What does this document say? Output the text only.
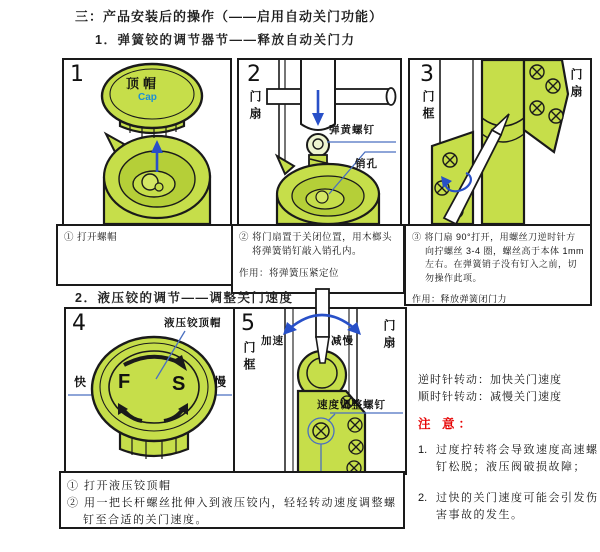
三：产品安装后的操作（——启用自动关门功能）
1．弹簧铰的调节器节——释放自动关门力
1	顶帽
Cap
① 打开螺帽
2
门扇
弹黄螺钉
销孔
② 将门扇置于关闭位置，用木榔头将弹簧销钉敲入销孔内。
作用：将弹簧压紧定位
3
门框
门扇
③ 将门扇 90°打开，用螺丝刀逆时针方向拧螺丝 3-4 圈，螺丝高于本体 1mm左右。在弹簧销子没有钉入之前，切勿操作此项。
作用：释放弹簧闭门力
2．液压铰的调节——调整关门速度
4	液压铰顶帽
快	慢
F S
5
门框
门扇
加速	减慢
速度调整螺钉
① 打开液压铰顶帽
② 用一把长杆螺丝批伸入到液压铰内，轻轻转动速度调整螺钉至合适的关门速度。
逆时针转动：加快关门速度
顺时针转动：减慢关门速度
注 意：
1. 过度拧转将会导致速度高速螺钉松脱；液压阀破损故障；
2. 过快的关门速度可能会引发伤害事故的发生。
